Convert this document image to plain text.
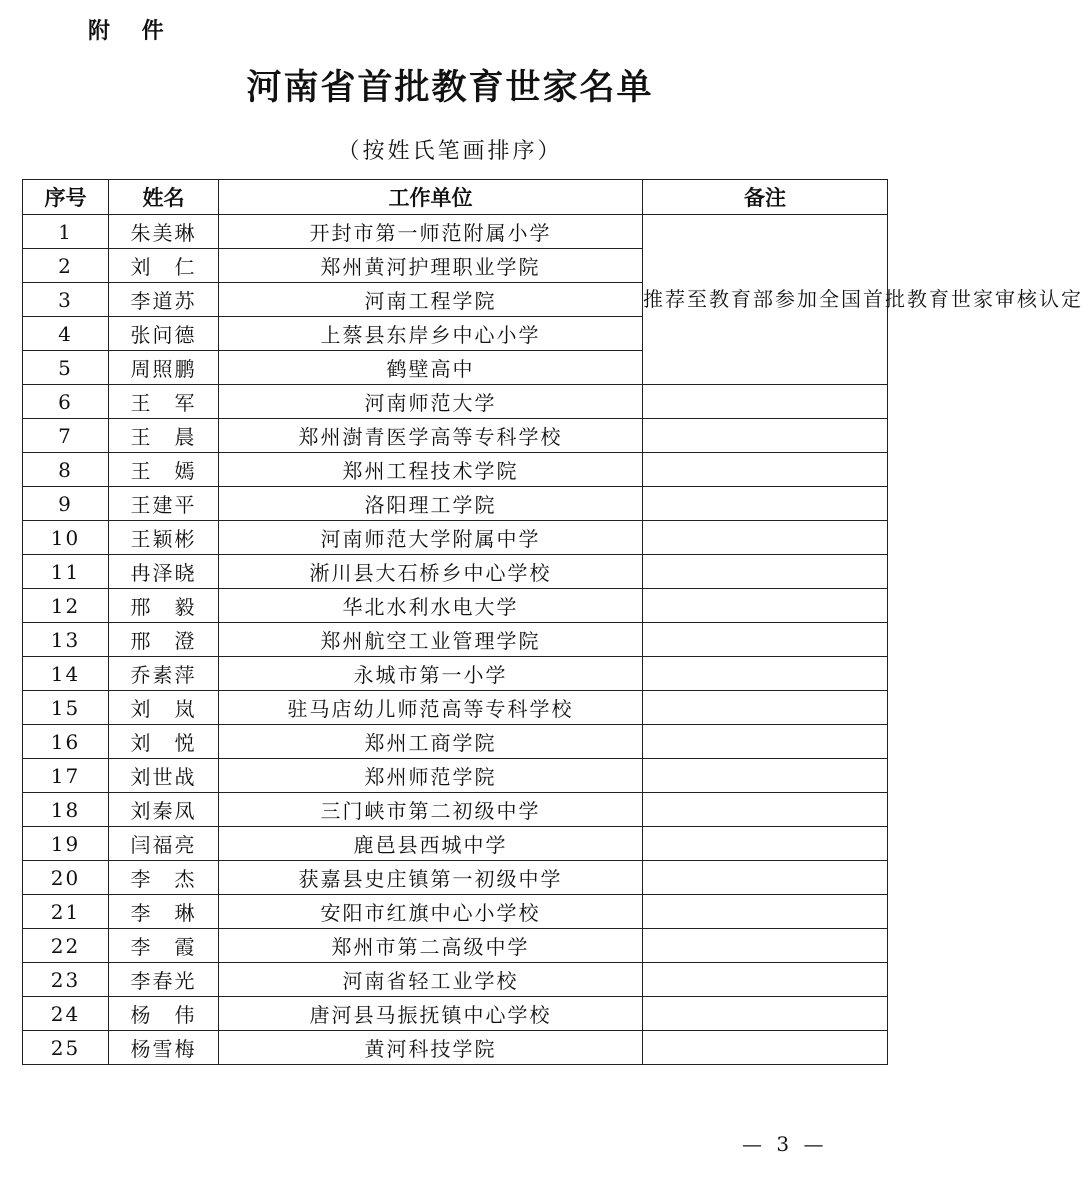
附 件
河南省首批教育世家名单
（按姓氏笔画排序）
序号	姓名	工作单位	备注
1	朱美琳	开封市第一师范附属小学	推荐至教育部参加全国首批教育世家审核认定
2	刘　仁	郑州黄河护理职业学院	
3	李道苏	河南工程学院	
4	张问德	上蔡县东岸乡中心小学	
5	周照鹏	鹤壁高中	
6	王　军	河南师范大学	
7	王　晨	郑州澍青医学高等专科学校	
8	王　嫣	郑州工程技术学院	
9	王建平	洛阳理工学院	
10	王颖彬	河南师范大学附属中学	
11	冉泽晓	淅川县大石桥乡中心学校	
12	邢　毅	华北水利水电大学	
13	邢　澄	郑州航空工业管理学院	
14	乔素萍	永城市第一小学	
15	刘　岚	驻马店幼儿师范高等专科学校	
16	刘　悦	郑州工商学院	
17	刘世战	郑州师范学院	
18	刘秦凤	三门峡市第二初级中学	
19	闫福亮	鹿邑县西城中学	
20	李　杰	获嘉县史庄镇第一初级中学	
21	李　琳	安阳市红旗中心小学校	
22	李　霞	郑州市第二高级中学	
23	李春光	河南省轻工业学校	
24	杨　伟	唐河县马振抚镇中心学校	
25	杨雪梅	黄河科技学院	
— 3 —
